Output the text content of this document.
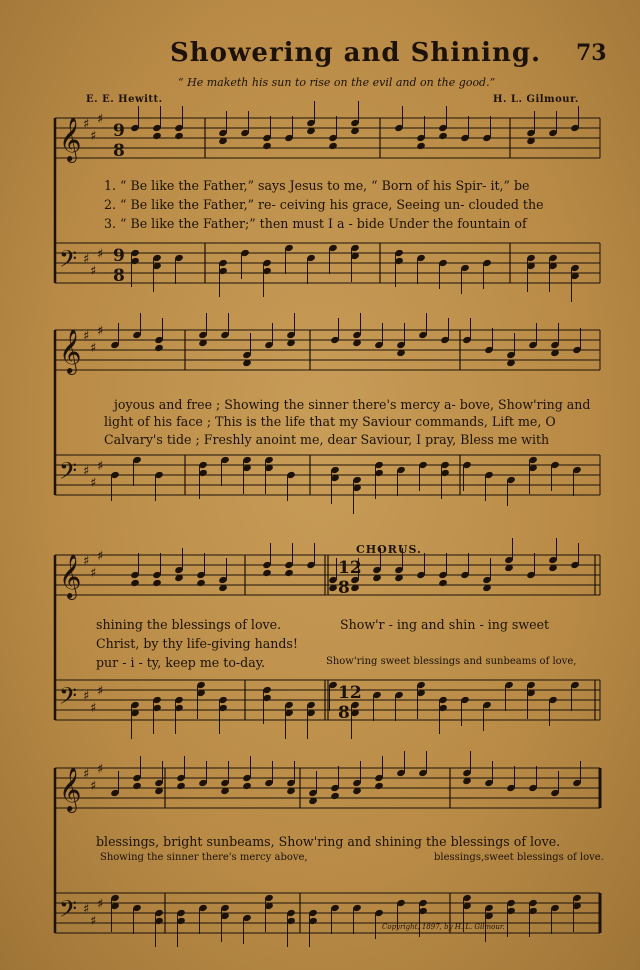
Showering and Shining. 73
“ He maketh his sun to rise on the evil and on the good.”
E. E. Hewitt.	H. L. Gilmour.
𝄞 ♯
♯
♯
9
8
𝄢 ♯
♯
♯ 9
8
𝄞 ♯
♯
♯
𝄢 ♯
♯
♯
𝄞 ♯
♯
♯
12
8
𝄢 ♯
♯
♯	12
8
𝄞 ♯
♯
♯
𝄢 ♯
♯
♯
1. “ Be like the Father,” says Jesus to me, “ Born of his Spir- it,” be
2. “ Be like the Father,” re- ceiving his grace, Seeing un- clouded the
3. “ Be like the Father;” then must I a - bide Under the fountain of
joyous and free ; Showing the sinner there's mercy a- bove, Show'ring and
light of his face ; This is the life that my Saviour commands, Lift me, O
Calvary's tide ; Freshly anoint me, dear Saviour, I pray, Bless me with
CHORUS.
shining the blessings of love.
Christ, by thy life-giving hands!
pur - i - ty, keep me to-day.
Show'r - ing and shin - ing sweet
Show'ring sweet blessings and sunbeams of love,
blessings, bright sunbeams, Show'ring and shining the blessings of love.
Showing the sinner there's mercy above,	blessings,sweet blessings of love.
Copyright, 1897, by H. L. Gilmour.
